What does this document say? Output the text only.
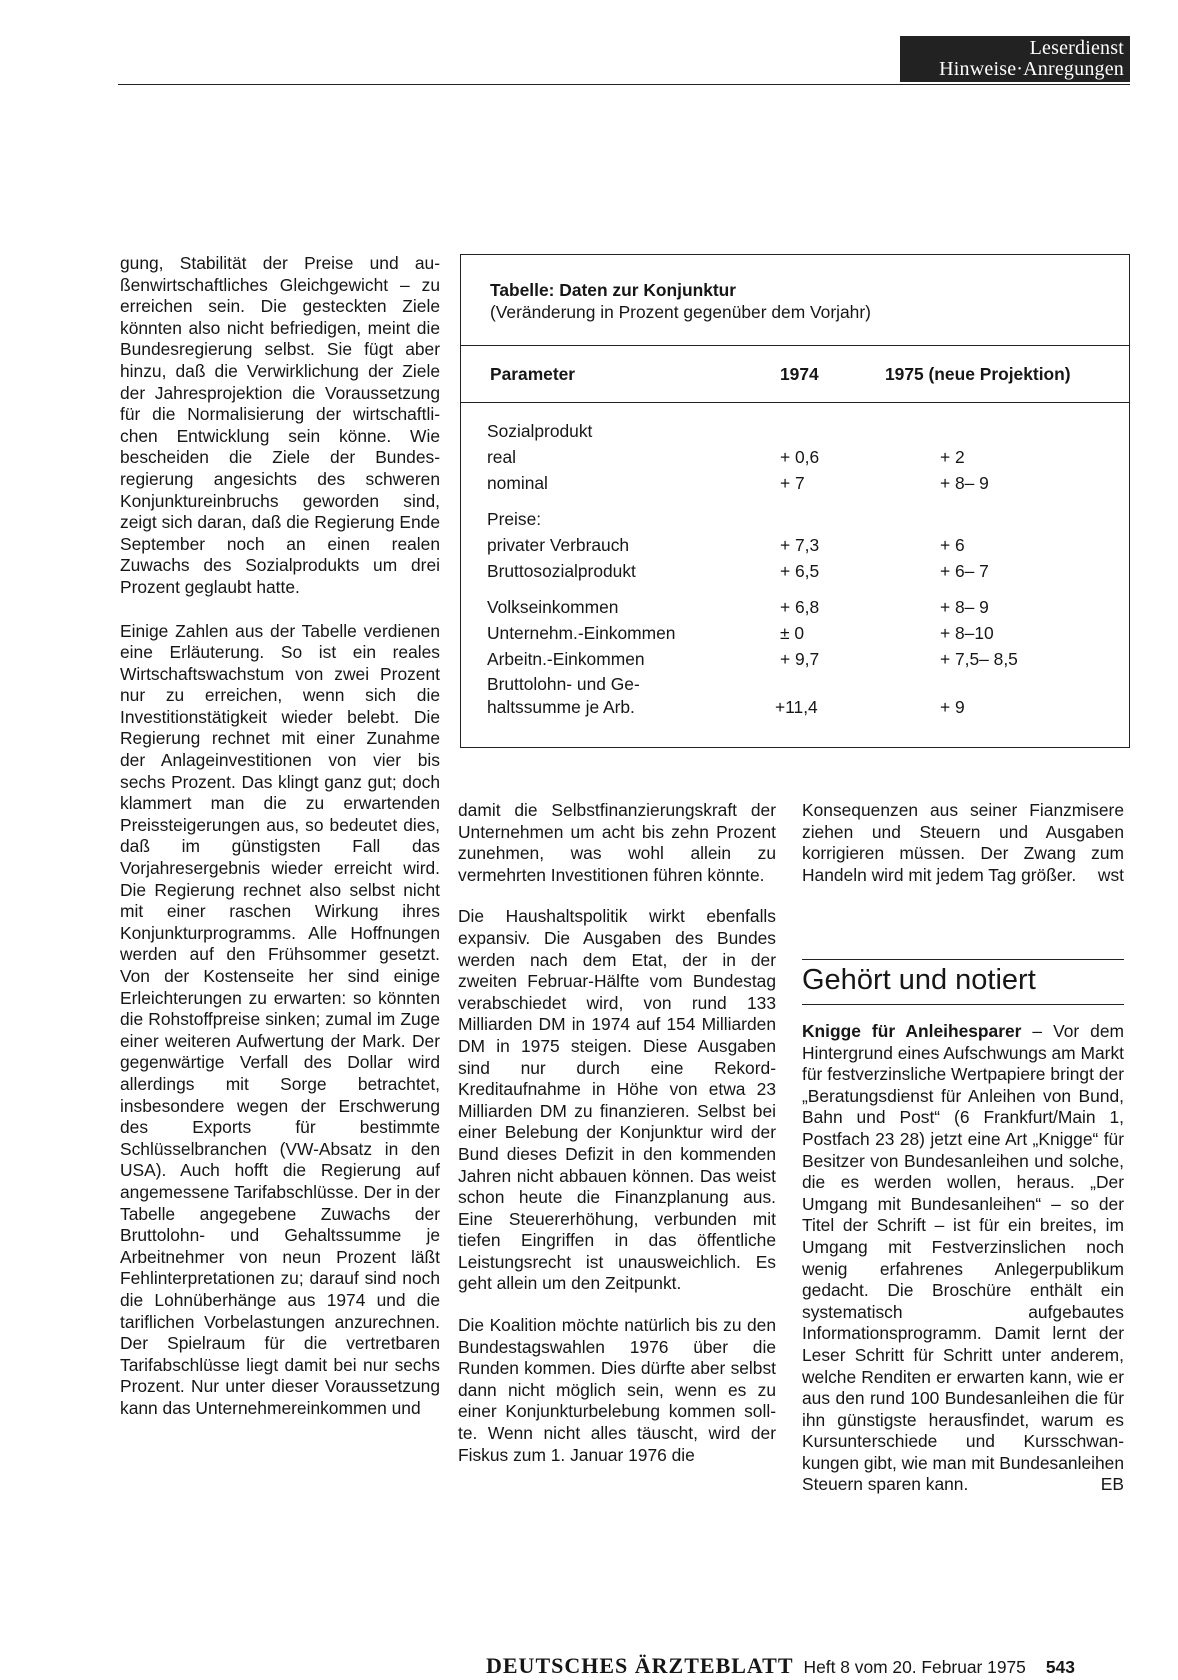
Leserdienst
Hinweise·Anregungen

gung, Stabilität der Preise und außenwirtschaftliches Gleichgewicht – zu erreichen sein. Die gesteckten Ziele könnten also nicht befriedigen, meint die Bundesregierung selbst. Sie fügt aber hinzu, daß die Verwirklichung der Ziele der Jahresprojektion die Voraussetzung für die Normalisierung der wirtschaftlichen Entwicklung sein könne. Wie bescheiden die Ziele der Bundesregierung angesichts des schweren Konjunktureinbruchs geworden sind, zeigt sich daran, daß die Regierung Ende September noch an einen realen Zuwachs des Sozialprodukts um drei Prozent geglaubt hatte.

Einige Zahlen aus der Tabelle verdienen eine Erläuterung. So ist ein reales Wirtschaftswachstum von zwei Prozent nur zu erreichen, wenn sich die Investitionstätigkeit wieder belebt. Die Regierung rechnet mit einer Zunahme der Anlageinvestitionen von vier bis sechs Prozent. Das klingt ganz gut; doch klammert man die zu erwartenden Preissteigerungen aus, so bedeutet dies, daß im günstigsten Fall das Vorjahresergebnis wieder erreicht wird. Die Regierung rechnet also selbst nicht mit einer raschen Wirkung ihres Konjunkturprogramms. Alle Hoffnungen werden auf den Frühsommer gesetzt. Von der Kostenseite her sind einige Erleichterungen zu erwarten: so könnten die Rohstoffpreise sinken; zumal im Zuge einer weiteren Aufwertung der Mark. Der gegenwärtige Verfall des Dollar wird allerdings mit Sorge betrachtet, insbesondere wegen der Erschwerung des Exports für bestimmte Schlüsselbranchen (VW-Absatz in den USA). Auch hofft die Regierung auf angemessene Tarifabschlüsse. Der in der Tabelle angegebene Zuwachs der Bruttolohn- und Gehaltssumme je Arbeitnehmer von neun Prozent läßt Fehlinterpretationen zu; darauf sind noch die Lohnüberhänge aus 1974 und die tariflichen Vorbelastungen anzurechnen. Der Spielraum für die vertretbaren Tarifabschlüsse liegt damit bei nur sechs Prozent. Nur unter dieser Voraussetzung kann das Unternehmereinkommen und

Tabelle: Daten zur Konjunktur
(Veränderung in Prozent gegenüber dem Vorjahr)
Parameter	1974	1975 (neue Projektion)
Sozialprodukt
real	+ 0,6	+ 2
nominal	+ 7	+ 8– 9
Preise:
privater Verbrauch	+ 7,3	+ 6
Bruttosozialprodukt	+ 6,5	+ 6– 7
Volkseinkommen	+ 6,8	+ 8– 9
Unternehm.-Einkommen	± 0	+ 8–10
Arbeitn.-Einkommen	+ 9,7	+ 7,5– 8,5
Bruttolohn- und Ge-
haltssumme je Arb.	+11,4	+ 9

damit die Selbstfinanzierungskraft der Unternehmen um acht bis zehn Prozent zunehmen, was wohl allein zu vermehrten Investitionen führen könnte.

Die Haushaltspolitik wirkt ebenfalls expansiv. Die Ausgaben des Bundes werden nach dem Etat, der in der zweiten Februar-Hälfte vom Bundestag verabschiedet wird, von rund 133 Milliarden DM in 1974 auf 154 Milliarden DM in 1975 steigen. Diese Ausgaben sind nur durch eine Rekord-Kreditaufnahme in Höhe von etwa 23 Milliarden DM zu finanzieren. Selbst bei einer Belebung der Konjunktur wird der Bund dieses Defizit in den kommenden Jahren nicht abbauen können. Das weist schon heute die Finanzplanung aus. Eine Steuererhöhung, verbunden mit tiefen Eingriffen in das öffentliche Leistungsrecht ist unausweichlich. Es geht allein um den Zeitpunkt.

Die Koalition möchte natürlich bis zu den Bundestagswahlen 1976 über die Runden kommen. Dies dürfte aber selbst dann nicht möglich sein, wenn es zu einer Konjunkturbelebung kommen sollte. Wenn nicht alles täuscht, wird der Fiskus zum 1. Januar 1976 die

Konsequenzen aus seiner Fianzmisere ziehen und Steuern und Ausgaben korrigieren müssen. Der Zwang zum Handeln wird mit jedem Tag größer. wst

Gehört und notiert

Knigge für Anleihesparer – Vor dem Hintergrund eines Aufschwungs am Markt für festverzinsliche Wertpapiere bringt der „Beratungsdienst für Anleihen von Bund, Bahn und Post“ (6 Frankfurt/Main 1, Postfach 23 28) jetzt eine Art „Knigge“ für Besitzer von Bundesanleihen und solche, die es werden wollen, heraus. „Der Umgang mit Bundesanleihen“ – so der Titel der Schrift – ist für ein breites, im Umgang mit Festverzinslichen noch wenig erfahrenes Anlegerpublikum gedacht. Die Broschüre enthält ein systematisch aufgebautes Informationsprogramm. Damit lernt der Leser Schritt für Schritt unter anderem, welche Renditen er erwarten kann, wie er aus den rund 100 Bundesanleihen die für ihn günstigste herausfindet, warum es Kursunterschiede und Kursschwankungen gibt, wie man mit Bundesanleihen Steuern sparen kann.	EB

DEUTSCHES ÄRZTEBLATT Heft 8 vom 20. Februar 1975 543
